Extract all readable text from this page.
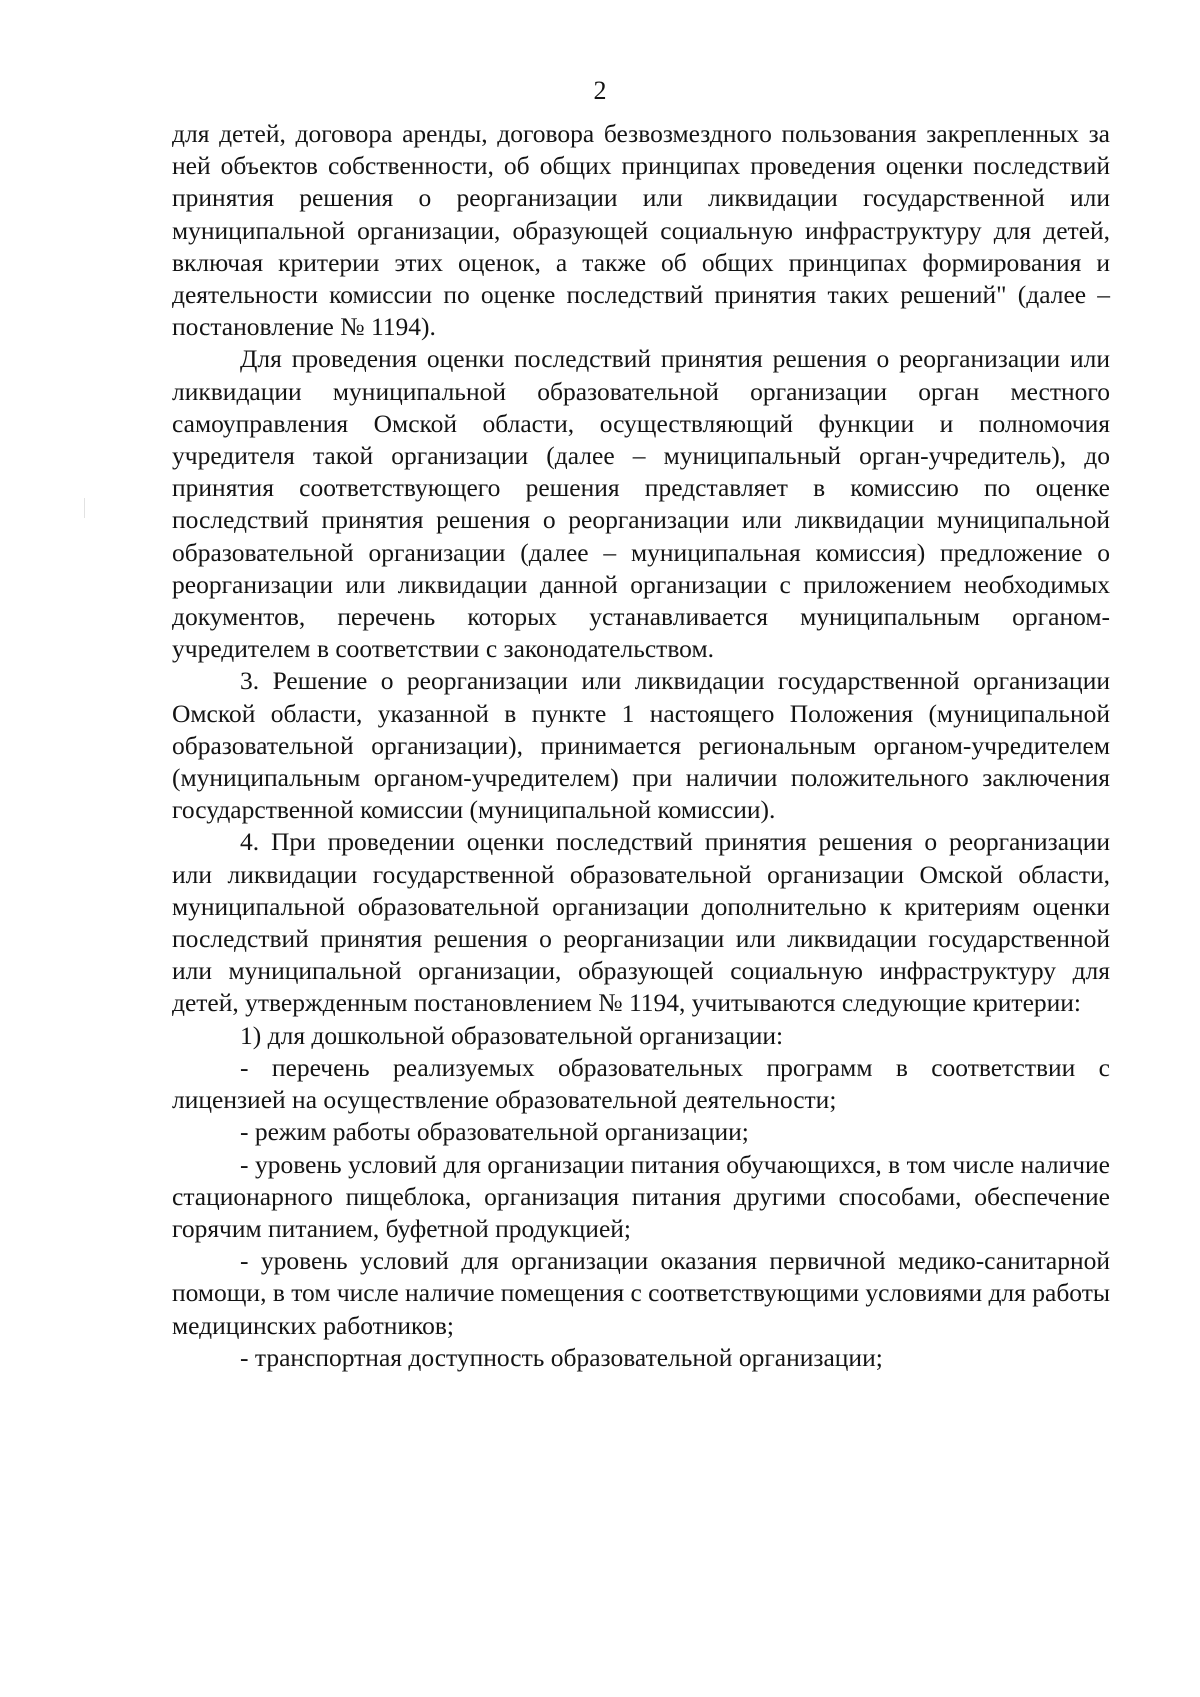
2

для детей, договора аренды, договора безвозмездного пользования закрепленных за ней объектов собственности, об общих принципах проведения оценки последствий принятия решения о реорганизации или ликвидации государственной или муниципальной организации, образующей социальную инфраструктуру для детей, включая критерии этих оценок, а также об общих принципах формирования и деятельности комиссии по оценке последствий принятия таких решений" (далее – постановление № 1194).

Для проведения оценки последствий принятия решения о реорганизации или ликвидации муниципальной образовательной организации орган местного самоуправления Омской области, осуществляющий функции и полномочия учредителя такой организации (далее – муниципальный орган-учредитель), до принятия соответствующего решения представляет в комиссию по оценке последствий принятия решения о реорганизации или ликвидации муниципальной образовательной организации (далее – муниципальная комиссия) предложение о реорганизации или ликвидации данной организации с приложением необходимых документов, перечень которых устанавливается муниципальным органом-учредителем в соответствии с законодательством.

3. Решение о реорганизации или ликвидации государственной организации Омской области, указанной в пункте 1 настоящего Положения (муниципальной образовательной организации), принимается региональным органом-учредителем (муниципальным органом-учредителем) при наличии положительного заключения государственной комиссии (муниципальной комиссии).

4. При проведении оценки последствий принятия решения о реорганизации или ликвидации государственной образовательной организации Омской области, муниципальной образовательной организации дополнительно к критериям оценки последствий принятия решения о реорганизации или ликвидации государственной или муниципальной организации, образующей социальную инфраструктуру для детей, утвержденным постановлением № 1194, учитываются следующие критерии:

1) для дошкольной образовательной организации:

- перечень реализуемых образовательных программ в соответствии с лицензией на осуществление образовательной деятельности;

- режим работы образовательной организации;

- уровень условий для организации питания обучающихся, в том числе наличие стационарного пищеблока, организация питания другими способами, обеспечение горячим питанием, буфетной продукцией;

- уровень условий для организации оказания первичной медико-санитарной помощи, в том числе наличие помещения с соответствующими условиями для работы медицинских работников;

- транспортная доступность образовательной организации;
